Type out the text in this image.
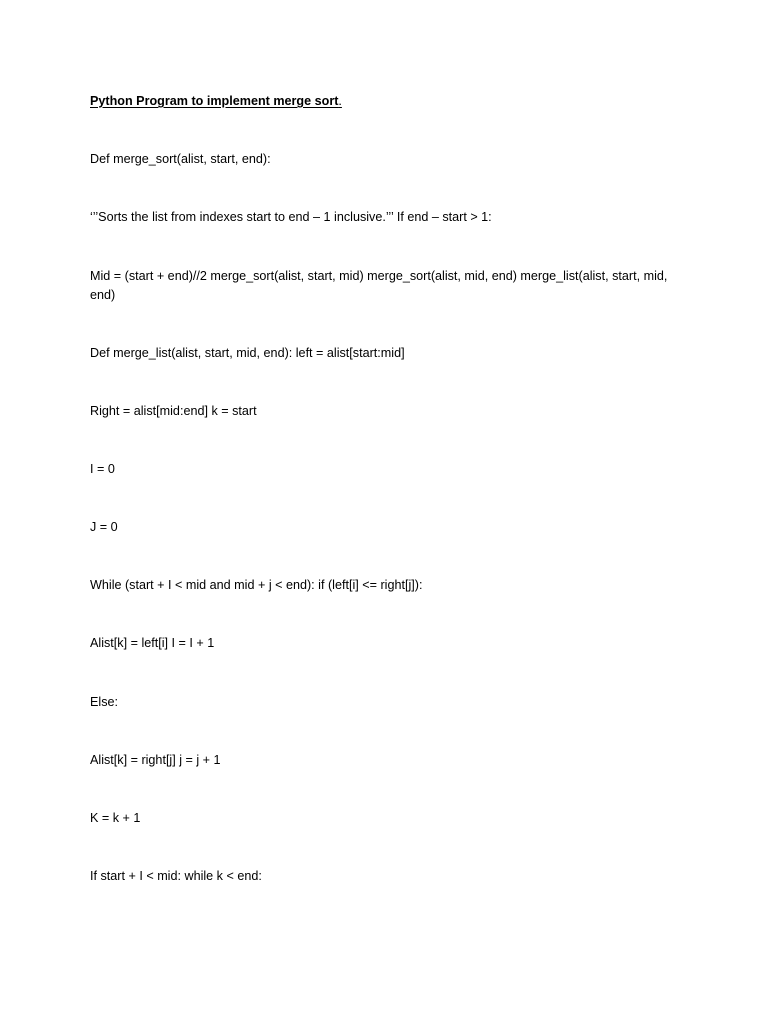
Python Program to implement merge sort.
Def merge_sort(alist, start, end):
‘’’Sorts the list from indexes start to end – 1 inclusive.’’’ If end – start > 1:
Mid = (start + end)//2 merge_sort(alist, start, mid) merge_sort(alist, mid, end) merge_list(alist, start, mid, end)
Def merge_list(alist, start, mid, end): left = alist[start:mid]
Right = alist[mid:end] k = start
I = 0
J = 0
While (start + I < mid and mid + j < end): if (left[i] <= right[j]):
Alist[k] = left[i] I = I + 1
Else:
Alist[k] = right[j] j = j + 1
K = k + 1
If start + I < mid: while k < end:
